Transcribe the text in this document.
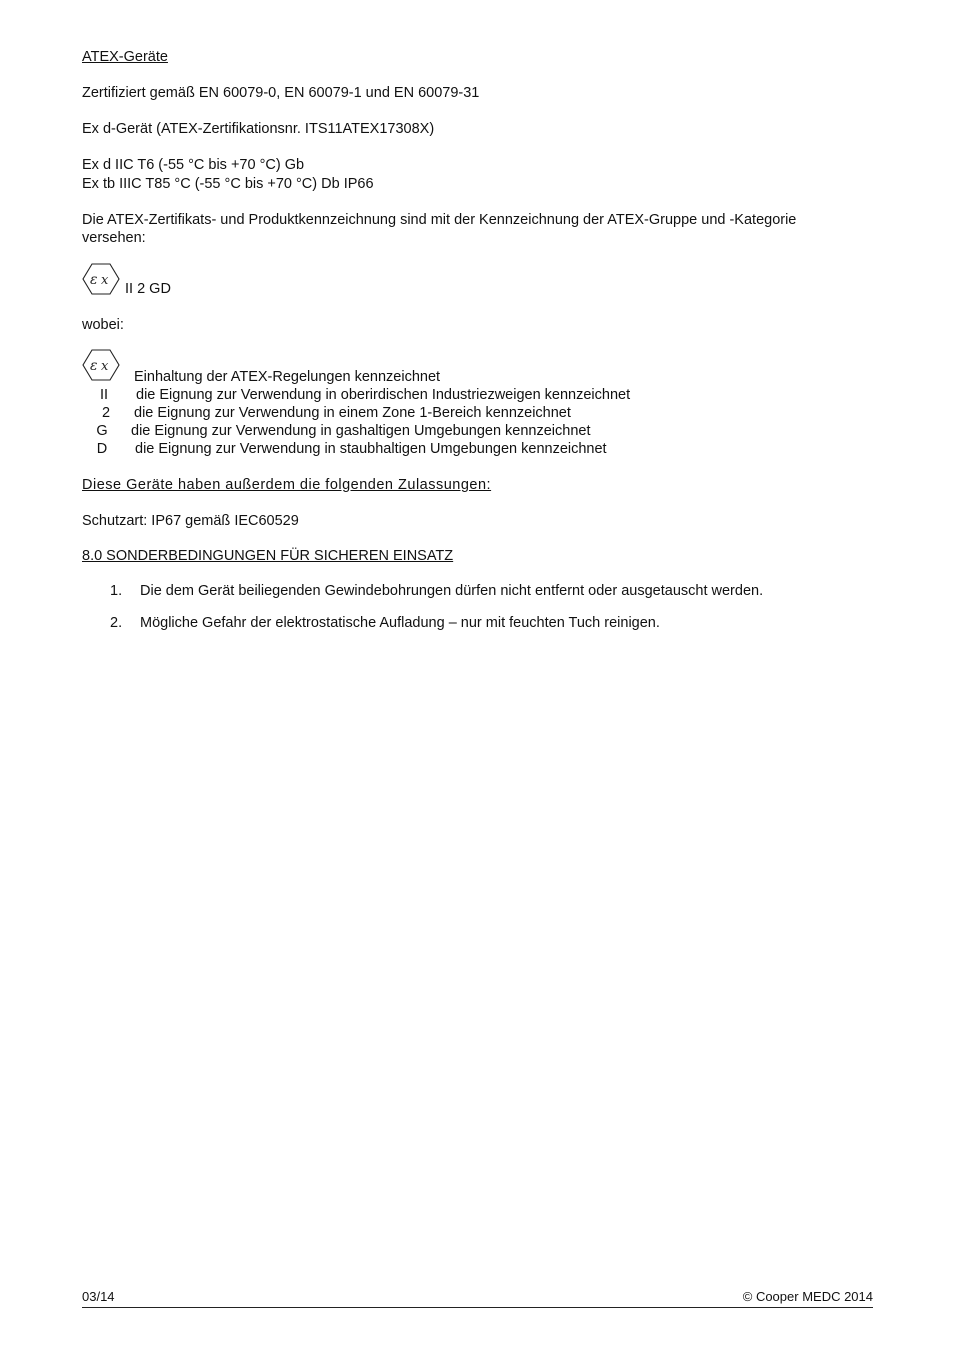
ATEX-Geräte
Zertifiziert gemäß EN 60079-0, EN 60079-1 und EN 60079-31
Ex d-Gerät (ATEX-Zertifikationsnr. ITS11ATEX17308X)
Ex d IIC T6 (-55 °C bis +70 °C) Gb
Ex tb IIIC T85 °C (-55 °C bis +70 °C) Db IP66
Die ATEX-Zertifikats- und Produktkennzeichnung sind mit der Kennzeichnung der ATEX-Gruppe und -Kategorie
versehen:
ε x
II 2 GD
wobei:
ε x
Einhaltung der ATEX-Regelungen kennzeichnet
II	die Eignung zur Verwendung in oberirdischen Industriezweigen kennzeichnet
2	die Eignung zur Verwendung in einem Zone 1-Bereich kennzeichnet
G	die Eignung zur Verwendung in gashaltigen Umgebungen kennzeichnet
D	die Eignung zur Verwendung in staubhaltigen Umgebungen kennzeichnet
Diese Geräte haben außerdem die folgenden Zulassungen:
Schutzart: IP67 gemäß IEC60529
8.0 SONDERBEDINGUNGEN FÜR SICHEREN EINSATZ
1. Die dem Gerät beiliegenden Gewindebohrungen dürfen nicht entfernt oder ausgetauscht werden.
2. Mögliche Gefahr der elektrostatische Aufladung – nur mit feuchten Tuch reinigen.
03/14	© Cooper MEDC 2014
